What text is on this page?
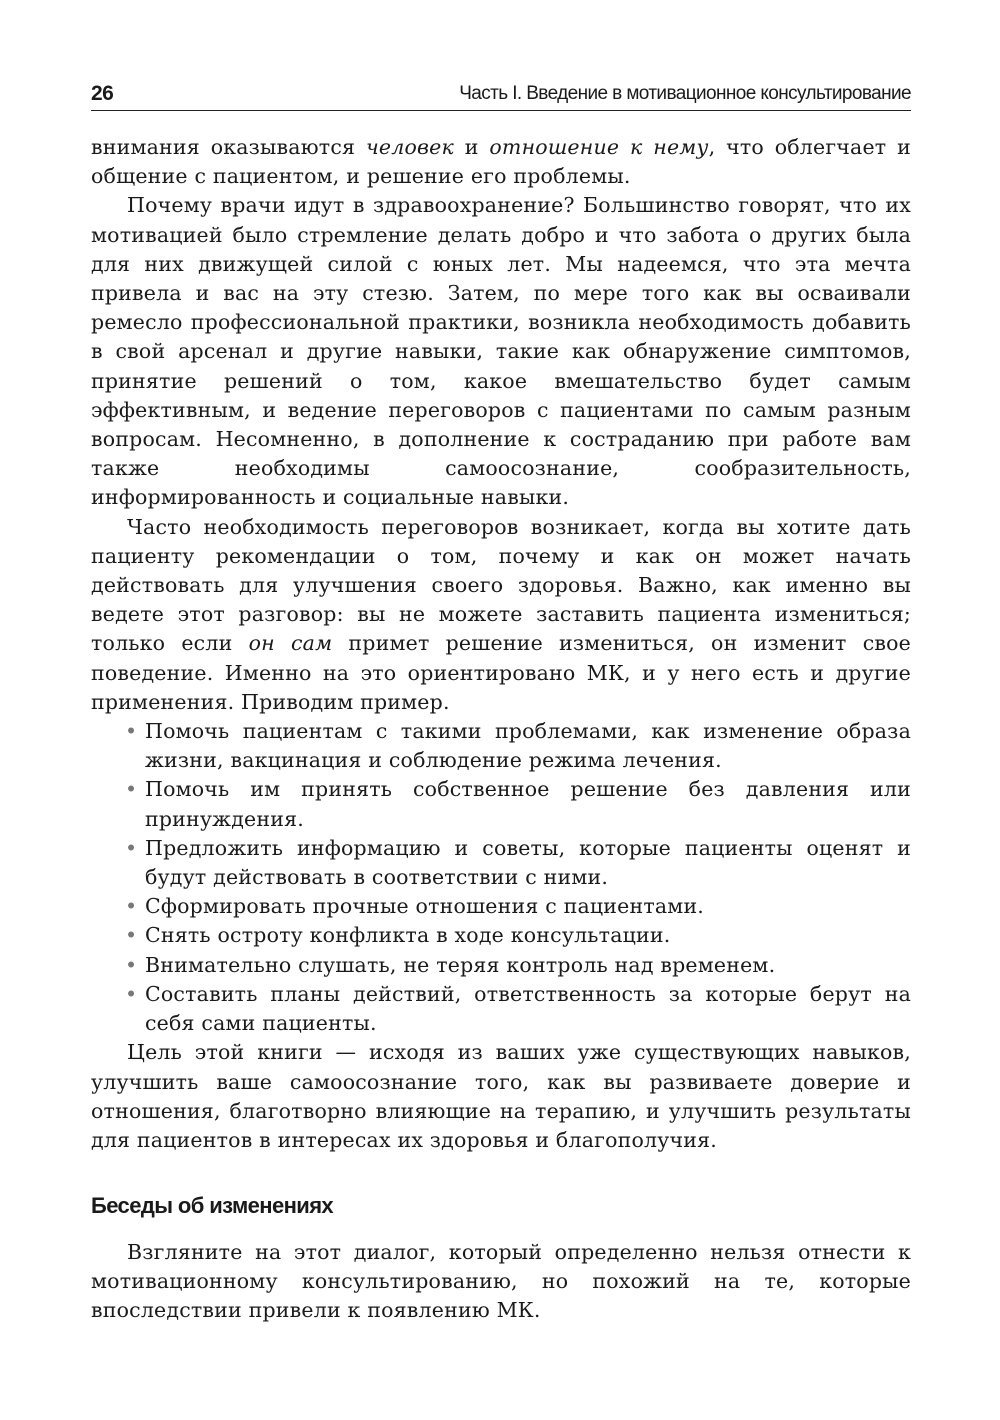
26	Часть I. Введение в мотивационное консультирование

внимания оказываются человек и отношение к нему, что облегчает и общение с пациентом, и решение его проблемы.

Почему врачи идут в здравоохранение? Большинство говорят, что их мотивацией было стремление делать добро и что забота о других была для них движущей силой с юных лет. Мы надеемся, что эта мечта привела и вас на эту стезю. Затем, по мере того как вы осваивали ремесло профессиональной практики, возникла необходимость добавить в свой арсенал и другие навыки, такие как обнаружение симптомов, принятие решений о том, какое вмешательство будет самым эффективным, и ведение переговоров с пациентами по самым разным вопросам. Несомненно, в дополнение к состраданию при работе вам также необходимы самоосознание, сообразительность, информированность и социальные навыки.

Часто необходимость переговоров возникает, когда вы хотите дать пациенту рекомендации о том, почему и как он может начать действовать для улучшения своего здоровья. Важно, как именно вы ведете этот разговор: вы не можете заставить пациента измениться; только если он сам примет решение измениться, он изменит свое поведение. Именно на это ориентировано МК, и у него есть и другие применения. Приводим пример.

• Помочь пациентам с такими проблемами, как изменение образа жизни, вакцинация и соблюдение режима лечения.
• Помочь им принять собственное решение без давления или принуждения.
• Предложить информацию и советы, которые пациенты оценят и будут действовать в соответствии с ними.
• Сформировать прочные отношения с пациентами.
• Снять остроту конфликта в ходе консультации.
• Внимательно слушать, не теряя контроль над временем.
• Составить планы действий, ответственность за которые берут на себя сами пациенты.

Цель этой книги — исходя из ваших уже существующих навыков, улучшить ваше самоосознание того, как вы развиваете доверие и отношения, благотворно влияющие на терапию, и улучшить результаты для пациентов в интересах их здоровья и благополучия.

Беседы об изменениях

Взгляните на этот диалог, который определенно нельзя отнести к мотивационному консультированию, но похожий на те, которые впоследствии привели к появлению МК.
